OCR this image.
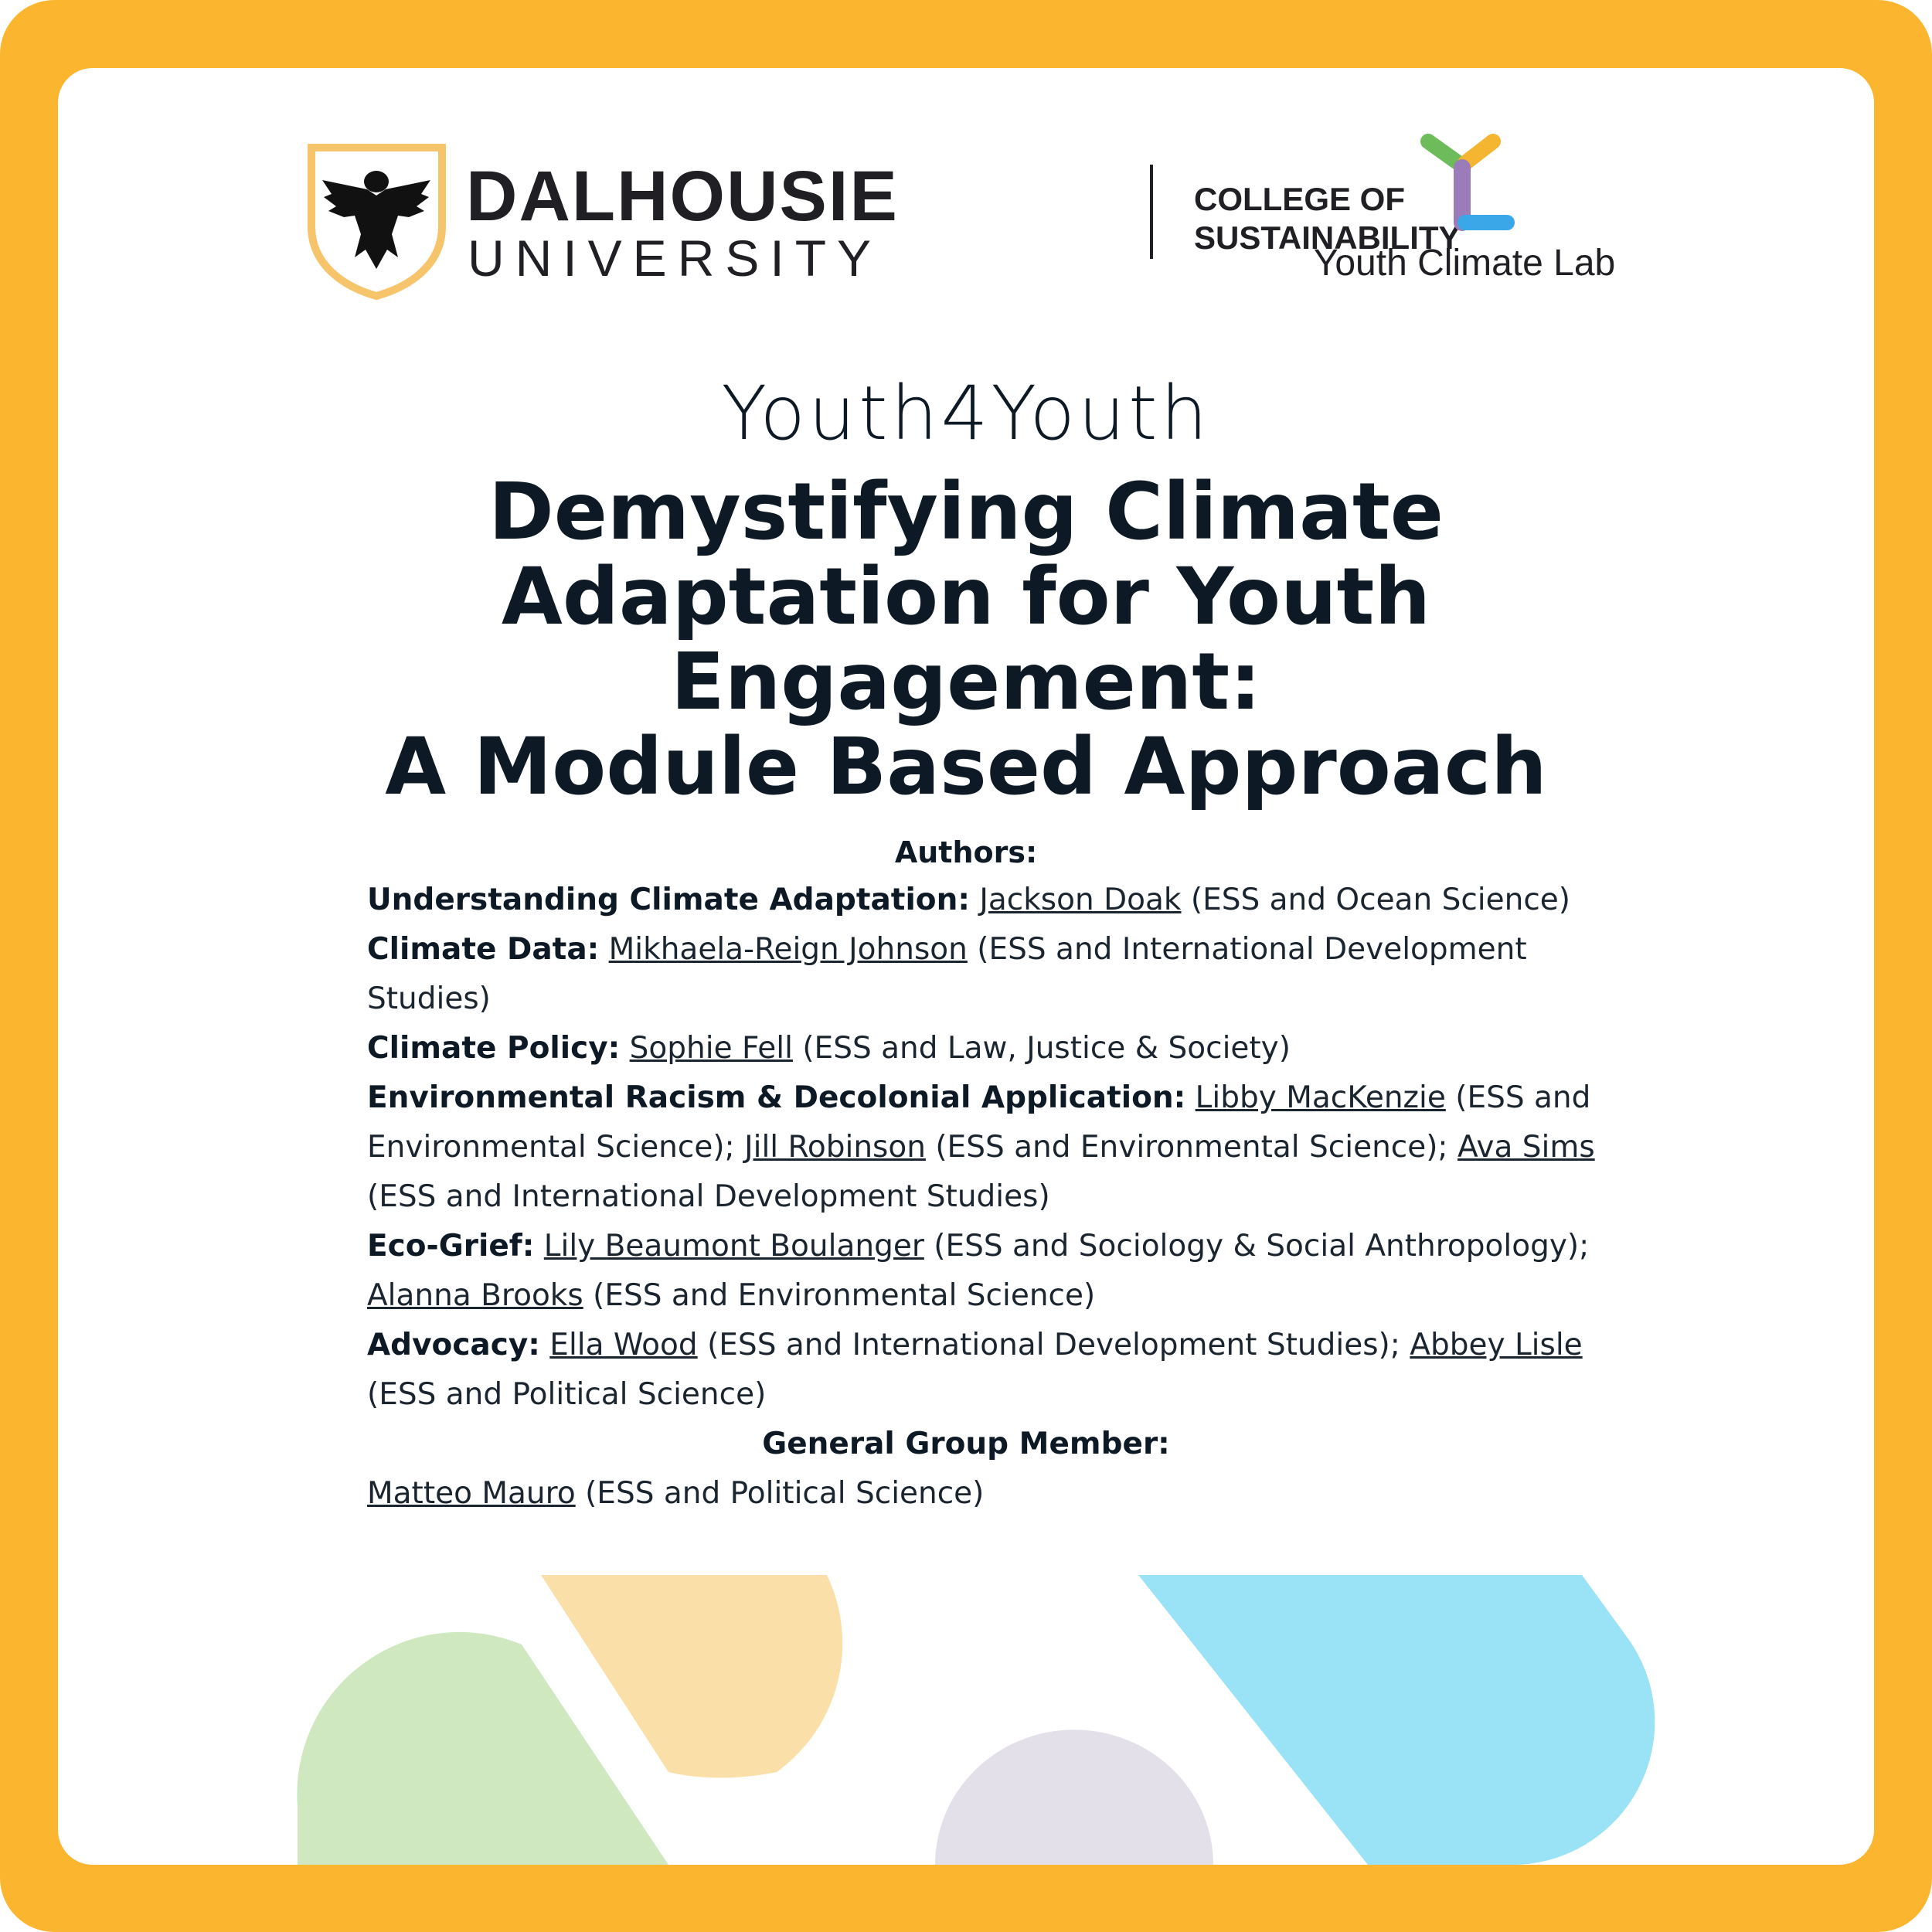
DALHOUSIE
UNIVERSITY
COLLEGE OF
SUSTAINABILITY
Youth Climate Lab
Youth4Youth
Demystifying Climate
Adaptation for Youth
Engagement:
A Module Based Approach
Authors:

Understanding Climate Adaptation: Jackson Doak (ESS and Ocean Science)

Climate Data: Mikhaela-Reign Johnson (ESS and International Development Studies)

Climate Policy: Sophie Fell (ESS and Law, Justice & Society)

Environmental Racism & Decolonial Application: Libby MacKenzie (ESS and Environmental Science); Jill Robinson (ESS and Environmental Science); Ava Sims (ESS and International Development Studies)

Eco-Grief: Lily Beaumont Boulanger (ESS and Sociology & Social Anthropology); Alanna Brooks (ESS and Environmental Science)

Advocacy: Ella Wood (ESS and International Development Studies); Abbey Lisle (ESS and Political Science)

General Group Member:

Matteo Mauro (ESS and Political Science)
